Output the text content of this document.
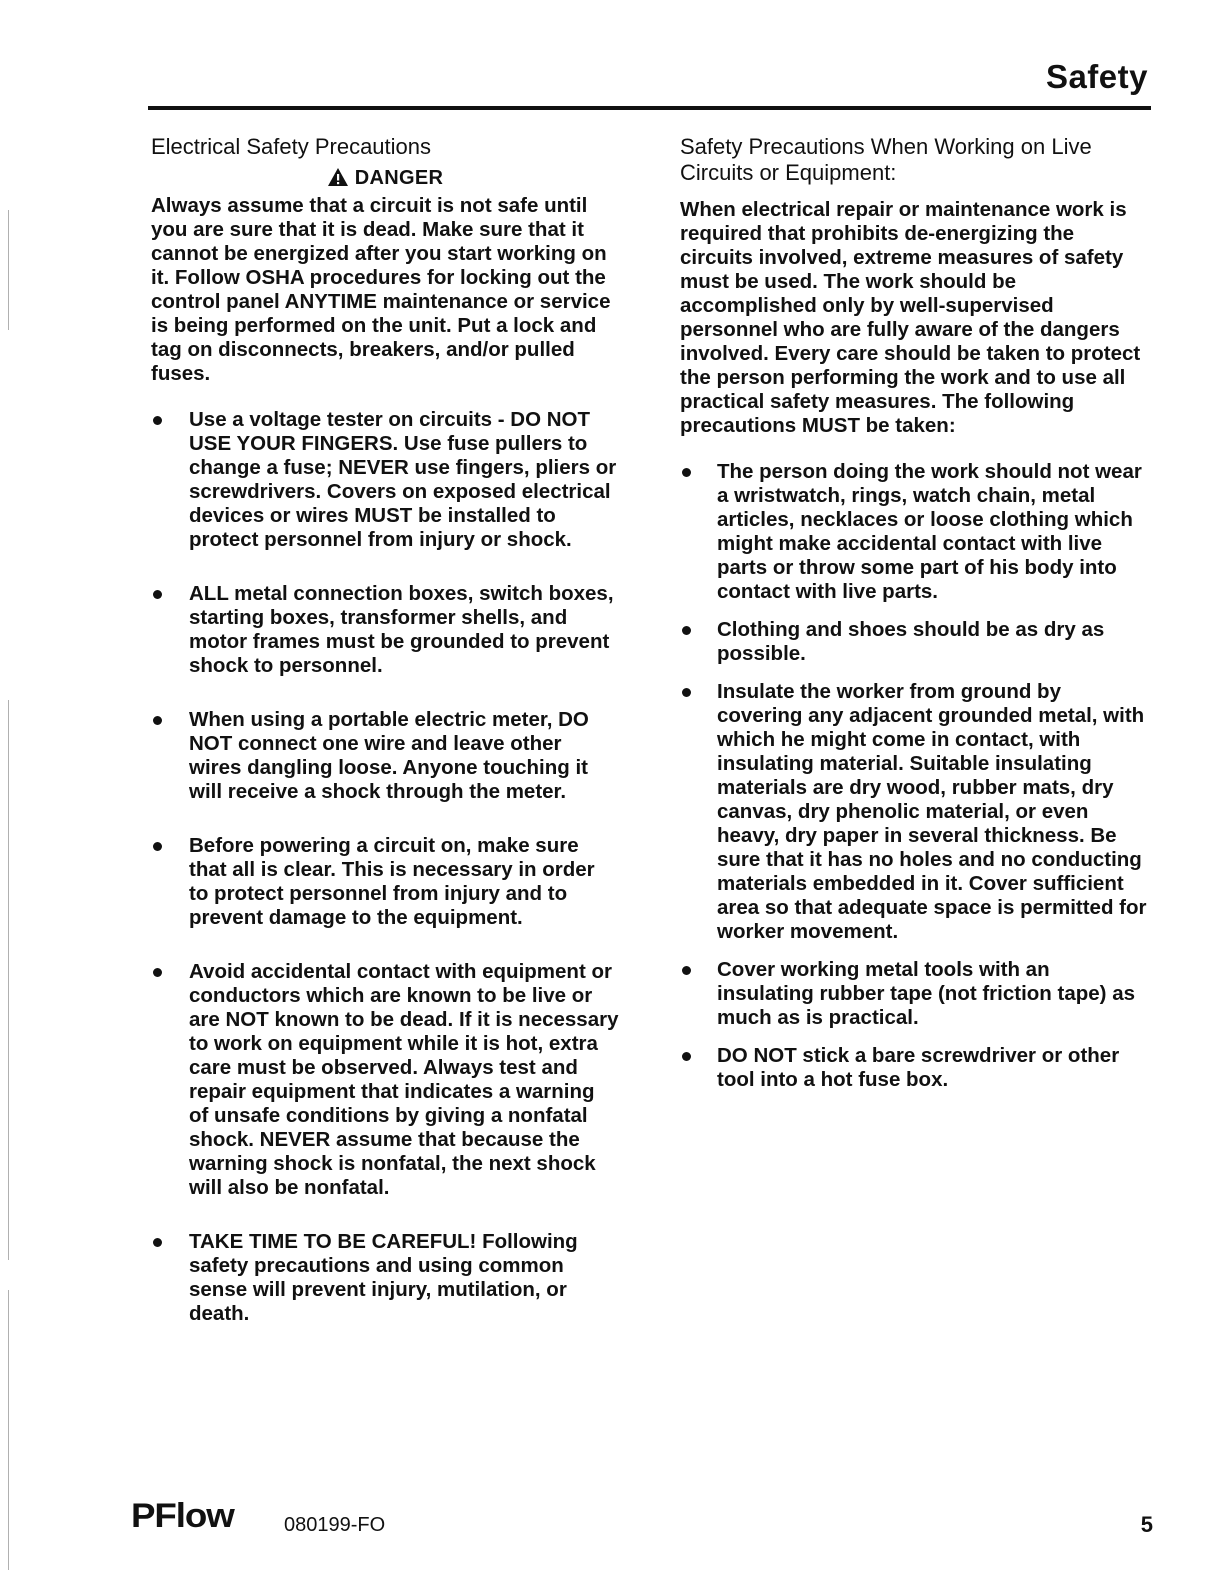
Safety
Electrical Safety Precautions
DANGER

Always assume that a circuit is not safe until you are sure that it is dead. Make sure that it cannot be energized after you start working on it. Follow OSHA procedures for locking out the control panel ANYTIME maintenance or service is being performed on the unit. Put a lock and tag on disconnects, breakers, and/or pulled fuses.

Use a voltage tester on circuits - DO NOT USE YOUR FINGERS. Use fuse pullers to change a fuse; NEVER use fingers, pliers or screwdrivers. Covers on exposed electrical devices or wires MUST be installed to protect personnel from injury or shock.
ALL metal connection boxes, switch boxes, starting boxes, transformer shells, and motor frames must be grounded to prevent shock to personnel.
When using a portable electric meter, DO NOT connect one wire and leave other wires dangling loose. Anyone touching it will receive a shock through the meter.
Before powering a circuit on, make sure that all is clear. This is necessary in order to protect personnel from injury and to prevent damage to the equipment.
Avoid accidental contact with equipment or conductors which are known to be live or are NOT known to be dead. If it is necessary to work on equipment while it is hot, extra care must be observed. Always test and repair equipment that indicates a warning of unsafe conditions by giving a nonfatal shock. NEVER assume that because the warning shock is nonfatal, the next shock will also be nonfatal.
TAKE TIME TO BE CAREFUL! Following safety precautions and using common sense will prevent injury, mutilation, or death.
Safety Precautions When Working on Live Circuits or Equipment:

When electrical repair or maintenance work is required that prohibits de-energizing the circuits involved, extreme measures of safety must be used. The work should be accomplished only by well-supervised personnel who are fully aware of the dangers involved. Every care should be taken to protect the person performing the work and to use all practical safety measures. The following precautions MUST be taken:

The person doing the work should not wear a wristwatch, rings, watch chain, metal articles, necklaces or loose clothing which might make accidental contact with live parts or throw some part of his body into contact with live parts.
Clothing and shoes should be as dry as possible.
Insulate the worker from ground by covering any adjacent grounded metal, with which he might come in contact, with insulating material. Suitable insulating materials are dry wood, rubber mats, dry canvas, dry phenolic material, or even heavy, dry paper in several thickness. Be sure that it has no holes and no conducting materials embedded in it. Cover sufficient area so that adequate space is permitted for worker movement.
Cover working metal tools with an insulating rubber tape (not friction tape) as much as is practical.
DO NOT stick a bare screwdriver or other tool into a hot fuse box.
PFlow	080199-FO	5
